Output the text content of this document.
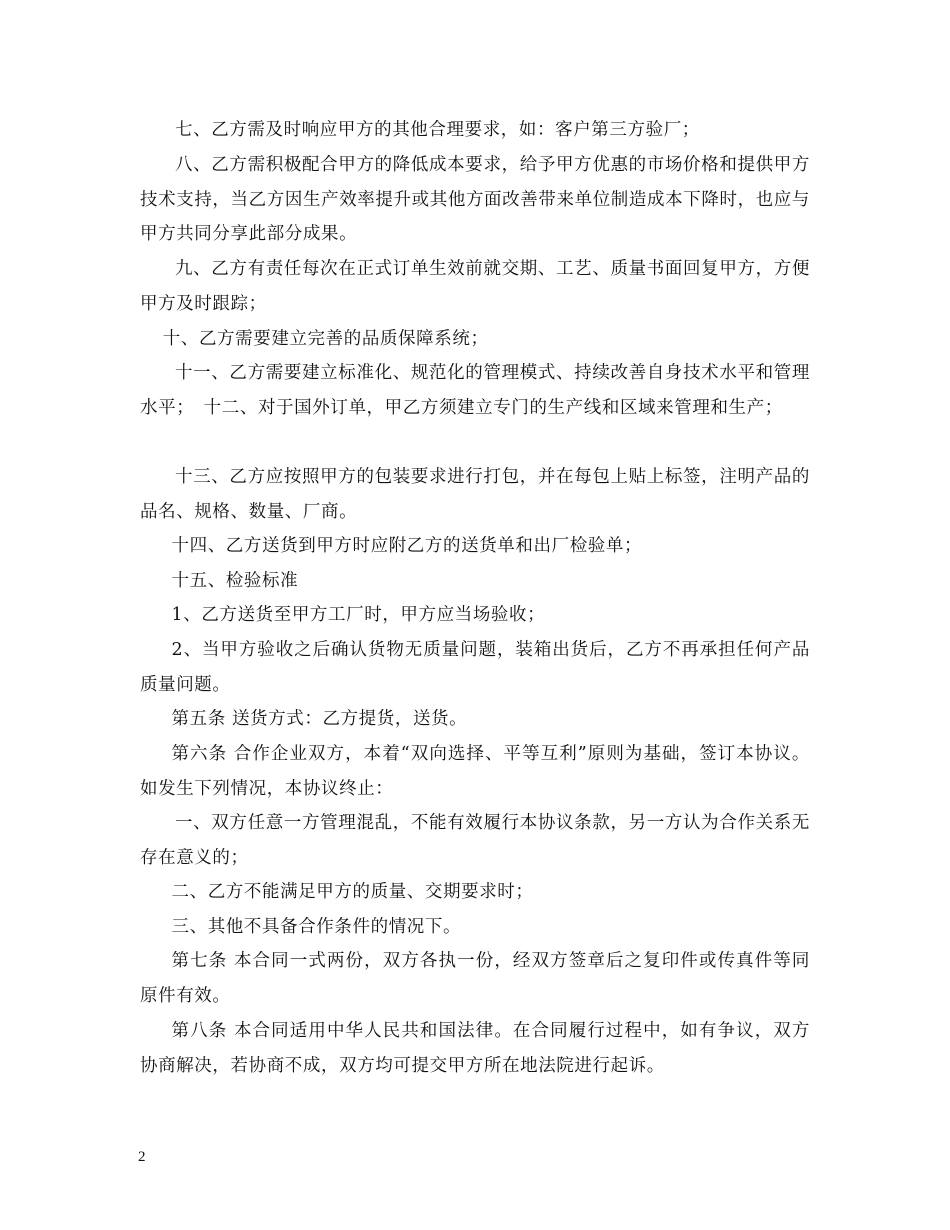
七、乙方需及时响应甲方的其他合理要求，如：客户第三方验厂；

八、乙方需积极配合甲方的降低成本要求，给予甲方优惠的市场价格和提供甲方技术支持，当乙方因生产效率提升或其他方面改善带来单位制造成本下降时，也应与甲方共同分享此部分成果。

九、乙方有责任每次在正式订单生效前就交期、工艺、质量书面回复甲方，方便甲方及时跟踪；

十、乙方需要建立完善的品质保障系统；

十一、乙方需要建立标准化、规范化的管理模式、持续改善自身技术水平和管理水平；　十二、对于国外订单，甲乙方须建立专门的生产线和区域来管理和生产；

十三、乙方应按照甲方的包装要求进行打包，并在每包上贴上标签，注明产品的品名、规格、数量、厂商。

十四、乙方送货到甲方时应附乙方的送货单和出厂检验单；

十五、检验标准

1、乙方送货至甲方工厂时，甲方应当场验收；

2、当甲方验收之后确认货物无质量问题，装箱出货后，乙方不再承担任何产品质量问题。

第五条 送货方式：乙方提货，送货。

第六条 合作企业双方，本着“双向选择、平等互利”原则为基础，签订本协议。如发生下列情况，本协议终止：

一、双方任意一方管理混乱，不能有效履行本协议条款，另一方认为合作关系无存在意义的；

二、乙方不能满足甲方的质量、交期要求时；

三、其他不具备合作条件的情况下。

第七条 本合同一式两份，双方各执一份，经双方签章后之复印件或传真件等同原件有效。

第八条 本合同适用中华人民共和国法律。在合同履行过程中，如有争议，双方协商解决，若协商不成，双方均可提交甲方所在地法院进行起诉。

2
